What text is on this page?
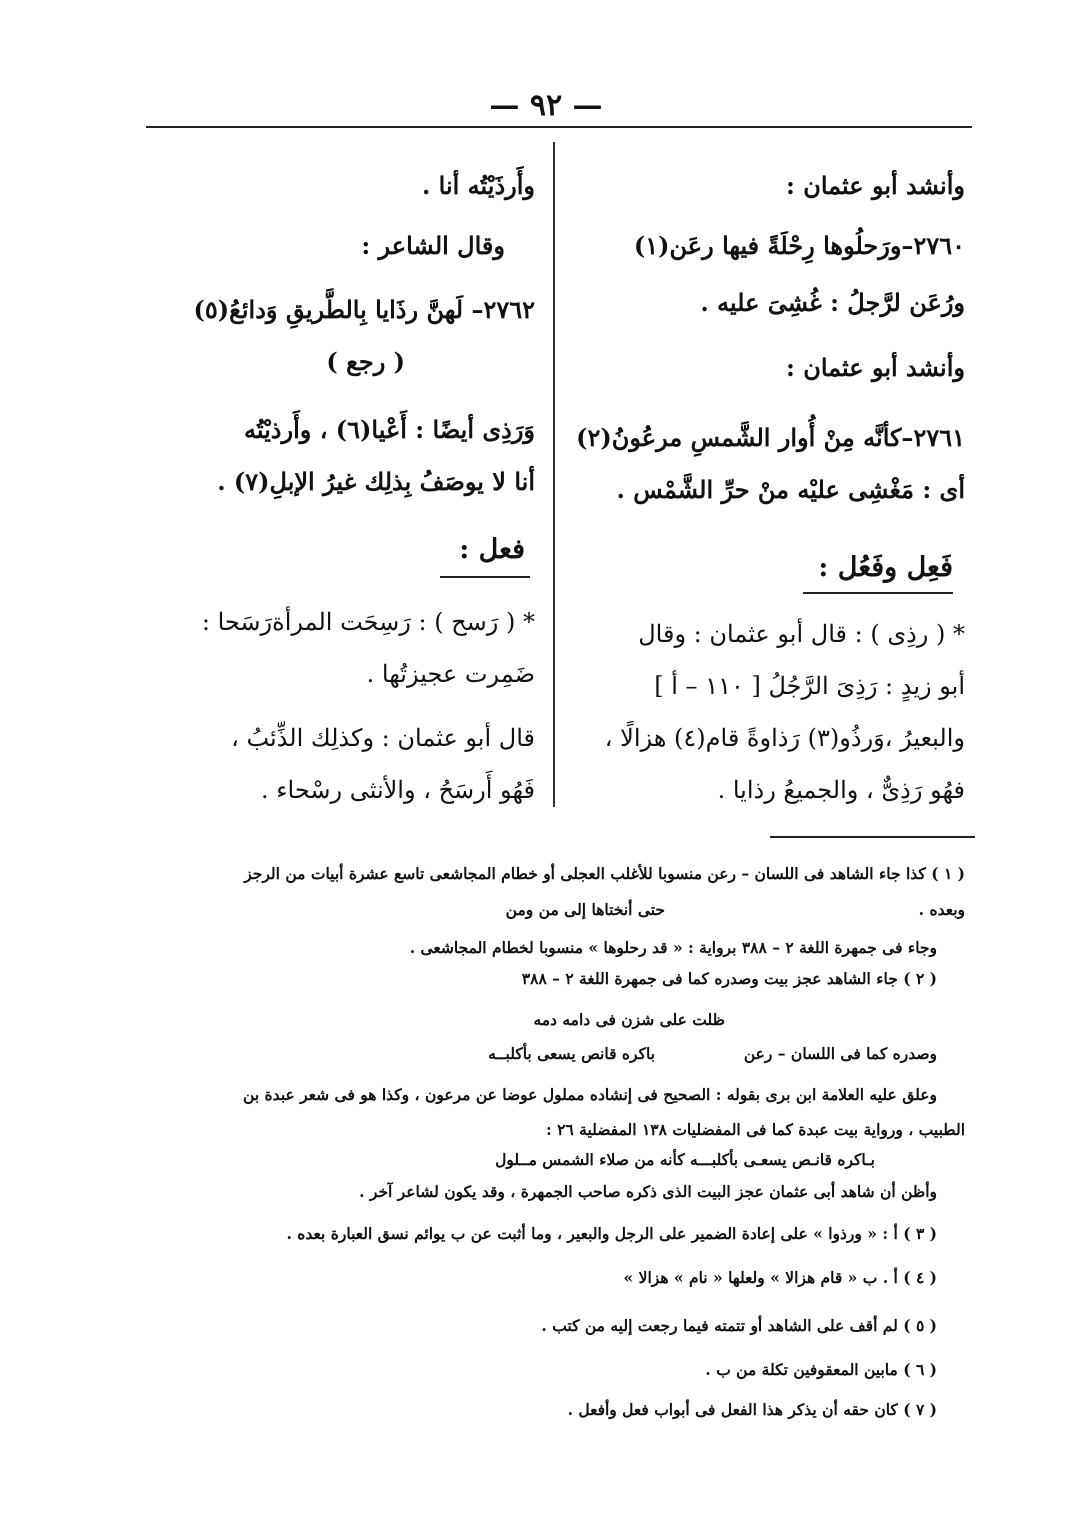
— ٩٢ —
وأنشد أبو عثمان :
٢٧٦٠–ورَحلُوها رِحْلَةً فيها رعَن(١)
ورُعَن لرَّجلُ : غُشِىَ عليه .
وأنشد أبو عثمان :
٢٧٦١–كأنَّه مِنْ أُوار الشَّمسِ مرعُونُ(٢)
أى : مَغْشِى عليْه منْ حرِّ الشَّمْس .
فَعِل وفَعُل :
* ( رذِى ) : قال أبو عثمان : وقال
أبو زيدٍ : رَذِىَ الرَّجُلُ [ ١١٠ – أ ]
والبعيرُ ،وَرذُو(٣) رَذاوةً قام(٤) هزالًا ،
فهُو رَذِىٌّ ، والجميعُ رذايا .
وأَرذَيْتُه أنا .
وقال الشاعر :
٢٧٦٢– لَهنَّ رذَايا بِالطَّريقِ وَدائعُ(٥)
( رجع )
وَرَذِى أيضًا : أَعْيا(٦) ، وأَرذيْتُه
أنا لا يوصَفُ بِذلِك غيرُ الإبلِ(٧) .
فعل :
* ( رَسح ) : رَسِحَت المرأةرَسَحا :
ضَمِرت عجيزتُها .
قال أبو عثمان : وكذلِك الذِّئبُ ،
فَهُو أَرسَحُ ، والأنثى رسْحاء .
( ١ ) كذا جاء الشاهد فى اللسان – رعن منسوبا للأغلب العجلى أو خطام المجاشعى تاسع عشرة أبيات من الرجز
وبعده .
حتى أنختاها إلى من ومن
وجاء فى جمهرة اللغة ٢ – ٣٨٨ برواية : « قد رحلوها » منسوبا لخطام المجاشعى .
( ٢ ) جاء الشاهد عجز بيت وصدره كما فى جمهرة اللغة ٢ – ٣٨٨
ظلت على شزن فى دامه دمه
وصدره كما فى اللسان – رعن
باكره قانص يسعى بأكلبــه
وعلق عليه العلامة ابن برى بقوله : الصحيح فى إنشاده مملول عوضا عن مرعون ، وكذا هو فى شعر عبدة بن
الطبيب ، ورواية بيت عبدة كما فى المفضليات ١٣٨ المفضلية ٢٦ :
بـاكره قانـص يسعـى بأكلبـــه كأنه من صلاء الشمس مــلول
وأظن أن شاهد أبى عثمان عجز البيت الذى ذكره صاحب الجمهرة ، وقد يكون لشاعر آخر .
( ٣ ) أ : « ورذوا » على إعادة الضمير على الرجل والبعير ، وما أثبت عن ب يوائم نسق العبارة بعده .
( ٤ ) أ . ب « قام هزالا » ولعلها « نام » هزالا »
( ٥ ) لم أقف على الشاهد أو تتمته فيما رجعت إليه من كتب .
( ٦ ) مابين المعقوفين تكلة من ب .
( ٧ ) كان حقه أن يذكر هذا الفعل فى أبواب فعل وأفعل .
